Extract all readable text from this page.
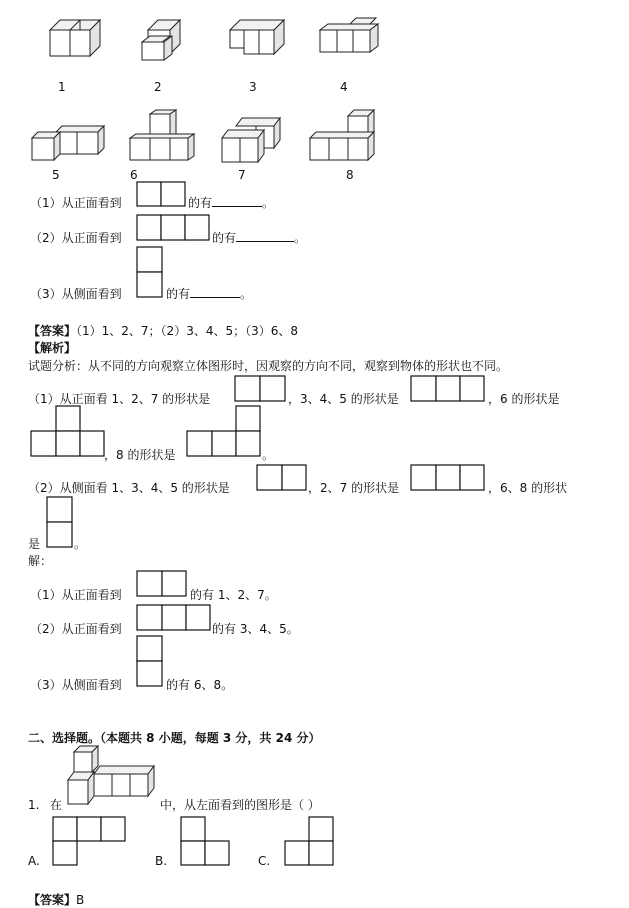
1	2	3	4
5	6	7	8
（1）从正面看到	的有	。
（2）从正面看到	的有	。
（3）从侧面看到	的有	。
【答案】（1）1、2、7；（2）3、4、5；（3）6、8
【解析】
试题分析：从不同的方向观察立体图形时，因观察的方向不同，观察到物体的形状也不同。
（1）从正面看 1、2、7 的形状是	，3、4、5 的形状是	，6 的形状是
，8 的形状是	。
（2）从侧面看 1、3、4、5 的形状是	，2、7 的形状是	，6、8 的形状
是	。
解：
（1）从正面看到	的有 1、2、7。
（2）从正面看到	的有 3、4、5。
（3）从侧面看到	的有 6、8。
二、选择题。（本题共 8 小题，每题 3 分，共 24 分）
1. 在	中，从左面看到的图形是（ ）
A.	B.	C.
【答案】B
